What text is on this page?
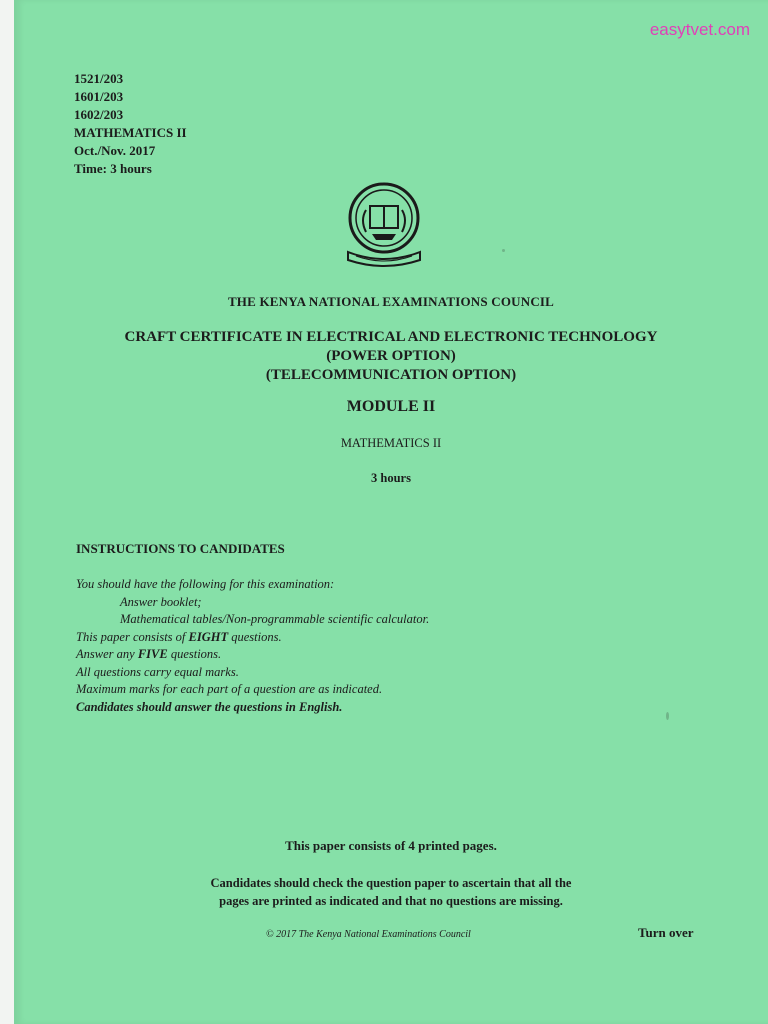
easytvet.com
1521/203
1601/203
1602/203
MATHEMATICS II
Oct./Nov. 2017
Time: 3 hours
THE KENYA NATIONAL EXAMINATIONS COUNCIL
CRAFT CERTIFICATE IN ELECTRICAL AND ELECTRONIC TECHNOLOGY
(POWER OPTION)
(TELECOMMUNICATION OPTION)
MODULE II
MATHEMATICS II
3 hours
INSTRUCTIONS TO CANDIDATES
You should have the following for this examination:
Answer booklet;
Mathematical tables/Non-programmable scientific calculator.
This paper consists of EIGHT questions.
Answer any FIVE questions.
All questions carry equal marks.
Maximum marks for each part of a question are as indicated.
Candidates should answer the questions in English.
This paper consists of 4 printed pages.
Candidates should check the question paper to ascertain that all the
pages are printed as indicated and that no questions are missing.
© 2017 The Kenya National Examinations Council	Turn over
